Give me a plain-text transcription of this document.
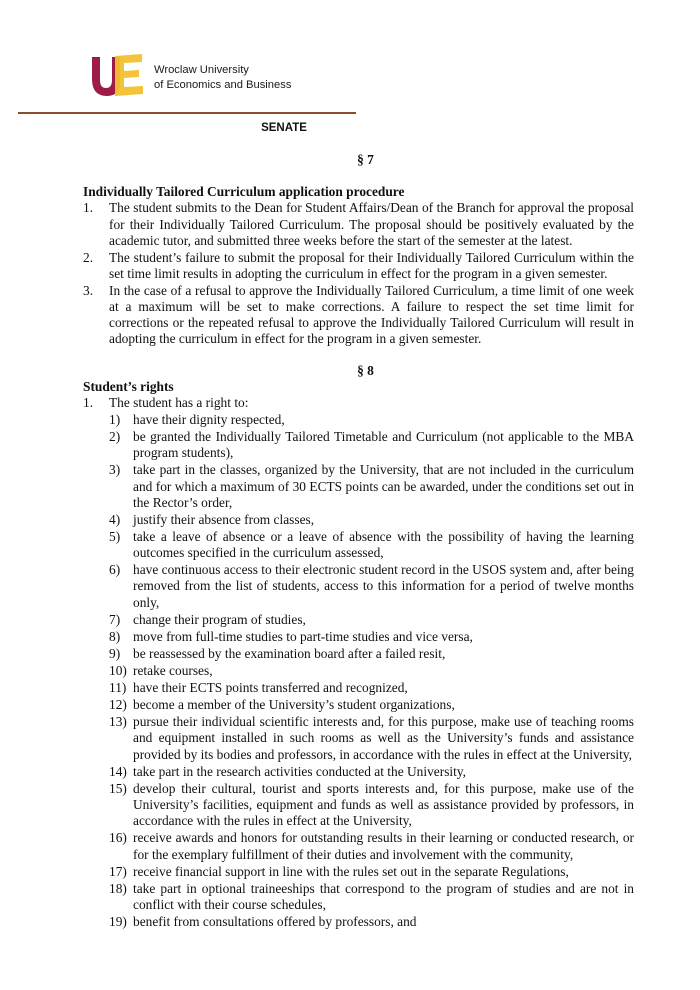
Wroclaw University
of Economics and Business
SENATE
§ 7
Individually Tailored Curriculum application procedure
1.	The student submits to the Dean for Student Affairs/Dean of the Branch for approval the proposal for their Individually Tailored Curriculum. The proposal should be positively evaluated by the academic tutor, and submitted three weeks before the start of the semester at the latest.
2.	The student’s failure to submit the proposal for their Individually Tailored Curriculum within the set time limit results in adopting the curriculum in effect for the program in a given semester.
3.	In the case of a refusal to approve the Individually Tailored Curriculum, a time limit of one week at a maximum will be set to make corrections. A failure to respect the set time limit for corrections or the repeated refusal to approve the Individually Tailored Curriculum will result in adopting the curriculum in effect for the program in a given semester.
§ 8
Student’s rights
1.	The student has a right to:
1) have their dignity respected,
2) be granted the Individually Tailored Timetable and Curriculum (not applicable to the MBA program students),
3) take part in the classes, organized by the University, that are not included in the curriculum and for which a maximum of 30 ECTS points can be awarded, under the conditions set out in the Rector’s order,
4) justify their absence from classes,
5) take a leave of absence or a leave of absence with the possibility of having the learning outcomes specified in the curriculum assessed,
6) have continuous access to their electronic student record in the USOS system and, after being removed from the list of students, access to this information for a period of twelve months only,
7) change their program of studies,
8) move from full-time studies to part-time studies and vice versa,
9) be reassessed by the examination board after a failed resit,
10) retake courses,
11) have their ECTS points transferred and recognized,
12) become a member of the University’s student organizations,
13) pursue their individual scientific interests and, for this purpose, make use of teaching rooms and equipment installed in such rooms as well as the University’s funds and assistance provided by its bodies and professors, in accordance with the rules in effect at the University,
14) take part in the research activities conducted at the University,
15) develop their cultural, tourist and sports interests and, for this purpose, make use of the University’s facilities, equipment and funds as well as assistance provided by professors, in accordance with the rules in effect at the University,
16) receive awards and honors for outstanding results in their learning or conducted research, or for the exemplary fulfillment of their duties and involvement with the community,
17) receive financial support in line with the rules set out in the separate Regulations,
18) take part in optional traineeships that correspond to the program of studies and are not in conflict with their course schedules,
19) benefit from consultations offered by professors, and
